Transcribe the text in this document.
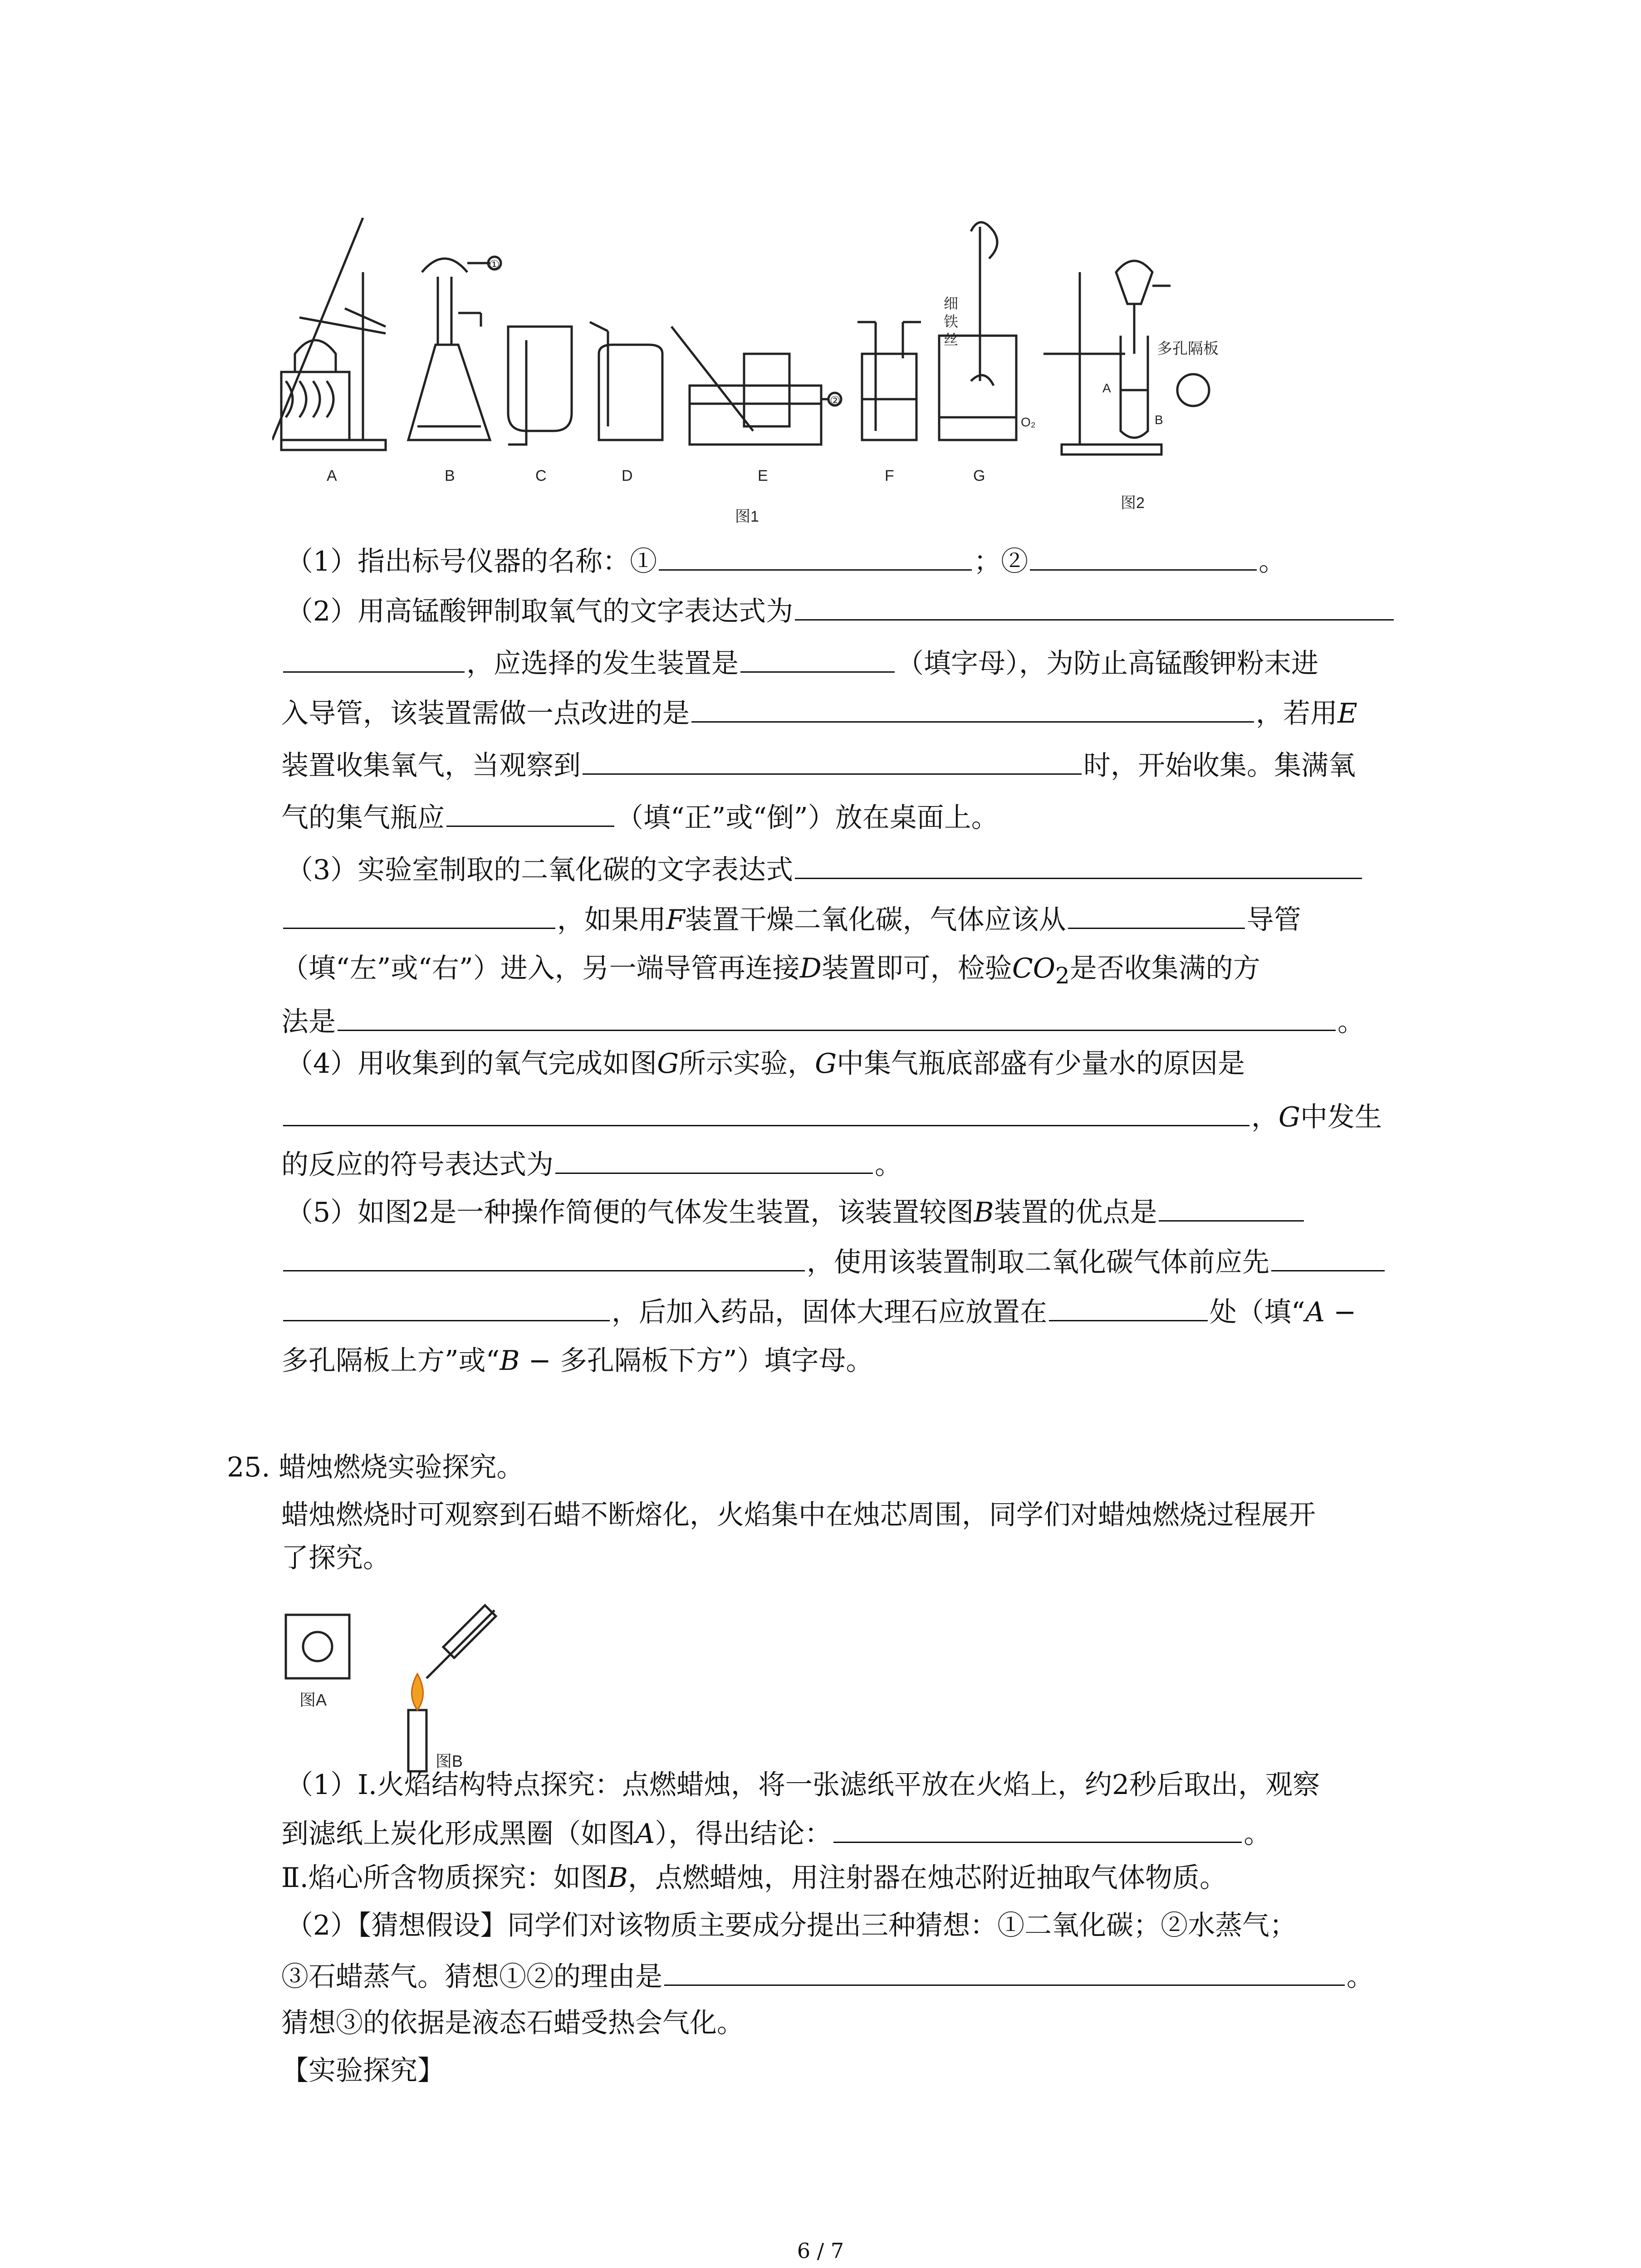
A	B	C	D	E	F	G
图1
图2
①
②
细
铁
丝
O₂
多孔隔板
A
B
（1）指出标号仪器的名称：①	；②	。
（2）用高锰酸钾制取氧气的文字表达式为
，应选择的发生装置是	（填字母），为防止高锰酸钾粉末进
入导管，该装置需做一点改进的是	，若用E
装置收集氧气，当观察到	时，开始收集。集满氧
气的集气瓶应	（填“正”或“倒”）放在桌面上。
（3）实验室制取的二氧化碳的文字表达式
，如果用F装置干燥二氧化碳，气体应该从	导管
（填“左”或“右”）进入，另一端导管再连接D装置即可，检验$CO_2$是否收集满的方
法是	。
（4）用收集到的氧气完成如图G所示实验，G中集气瓶底部盛有少量水的原因是
，G中发生
的反应的符号表达式为	。
（5）如图2是一种操作简便的气体发生装置，该装置较图B装置的优点是
，使用该装置制取二氧化碳气体前应先
，后加入药品，固体大理石应放置在	处（填“A −
多孔隔板上方”或“B − 多孔隔板下方”）填字母。
25. 蜡烛燃烧实验探究。
蜡烛燃烧时可观察到石蜡不断熔化，火焰集中在烛芯周围，同学们对蜡烛燃烧过程展开
了探究。
图A
图B
（1）Ⅰ.火焰结构特点探究：点燃蜡烛，将一张滤纸平放在火焰上，约2秒后取出，观察
到滤纸上炭化形成黑圈（如图A），得出结论：	。
Ⅱ.焰心所含物质探究：如图B，点燃蜡烛，用注射器在烛芯附近抽取气体物质。
（2）【猜想假设】同学们对该物质主要成分提出三种猜想：①二氧化碳；②水蒸气；
③石蜡蒸气。猜想①②的理由是	。
猜想③的依据是液态石蜡受热会气化。
【实验探究】
6 / 7
